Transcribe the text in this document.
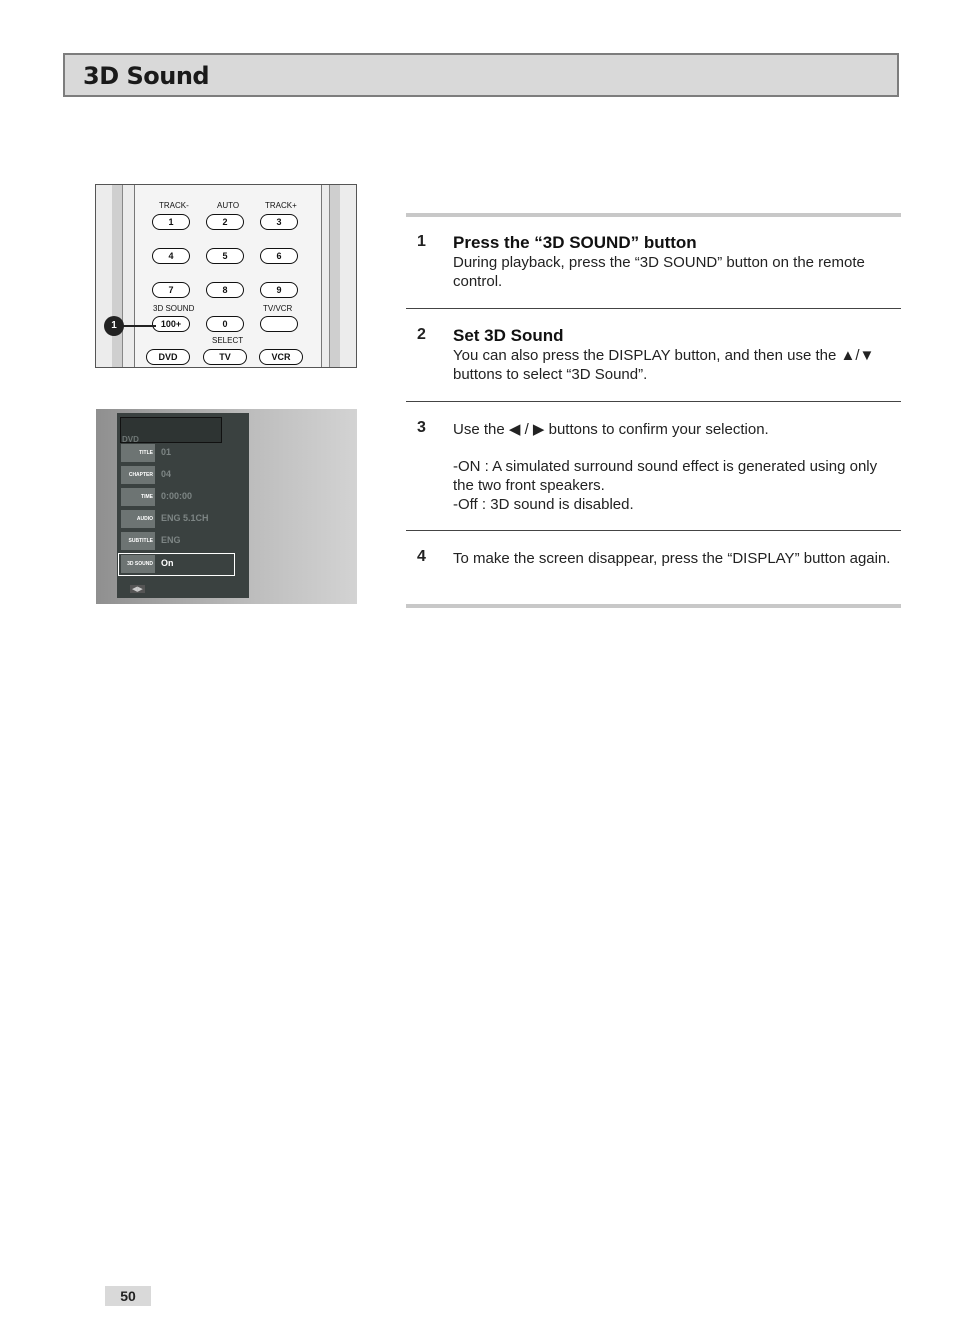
3D Sound
TRACK-	AUTO	TRACK+
1	2	3
4	5	6
7	8	9
3D SOUND	TV/VCR
100+	0
SELECT
DVD	TV	VCR
1
DVD
TITLE 01
CHAPTER 04
TIME 0:00:00
AUDIO ENG 5.1CH
SUBTITLE ENG
3D SOUND On
◀▶
1 Press the “3D SOUND” button
During playback, press the “3D SOUND” button on the remote control.
2 Set 3D Sound
You can also press the DISPLAY button, and then use the ▲/▼ buttons to select “3D Sound”.
3 Use the ◀ / ▶ buttons to confirm your selection.
-ON : A simulated surround sound effect is generated using only the two front speakers.
-Off : 3D sound is disabled.
4 To make the screen disappear, press the “DISPLAY” button again.
50
